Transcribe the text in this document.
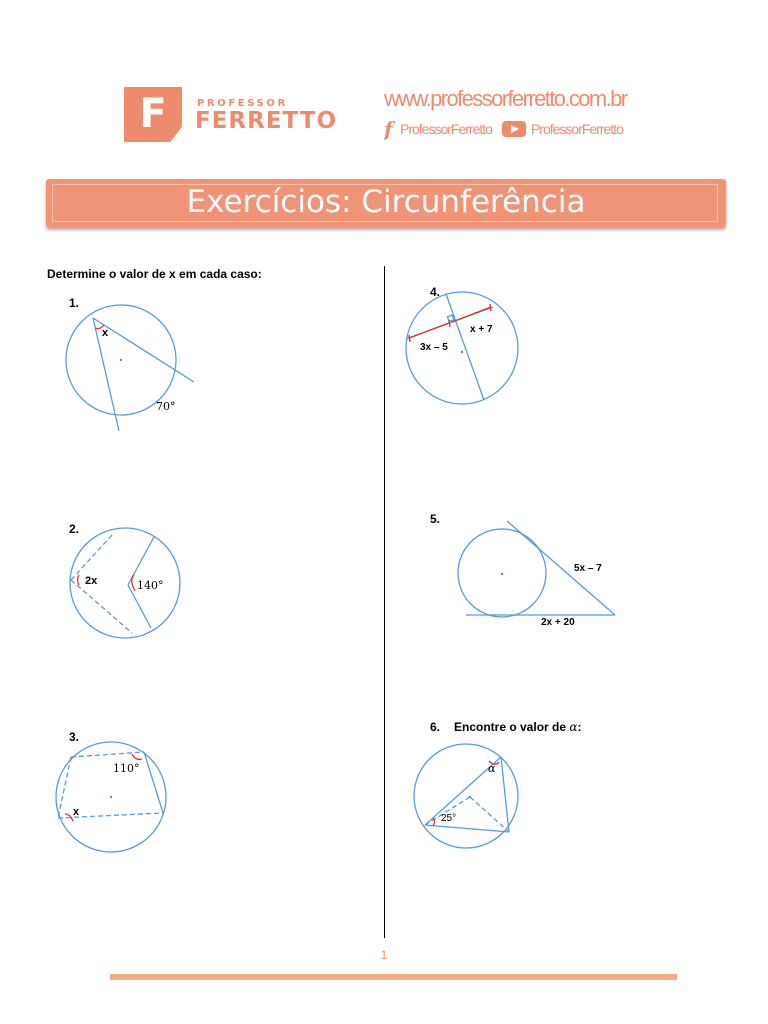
F	PROFESSOR
FERRETTO
www.professorferretto.com.br
f ProfessorFerretto	ProfessorFerretto
Exercícios: Circunferência
Determine o valor de x em cada caso:
1.
2.
3.
4.
5.
6. Encontre o valor de α:
x
70°
2x	140°
110°
x
x + 7
3x – 5
5x – 7
2x + 20
α
25°
1
